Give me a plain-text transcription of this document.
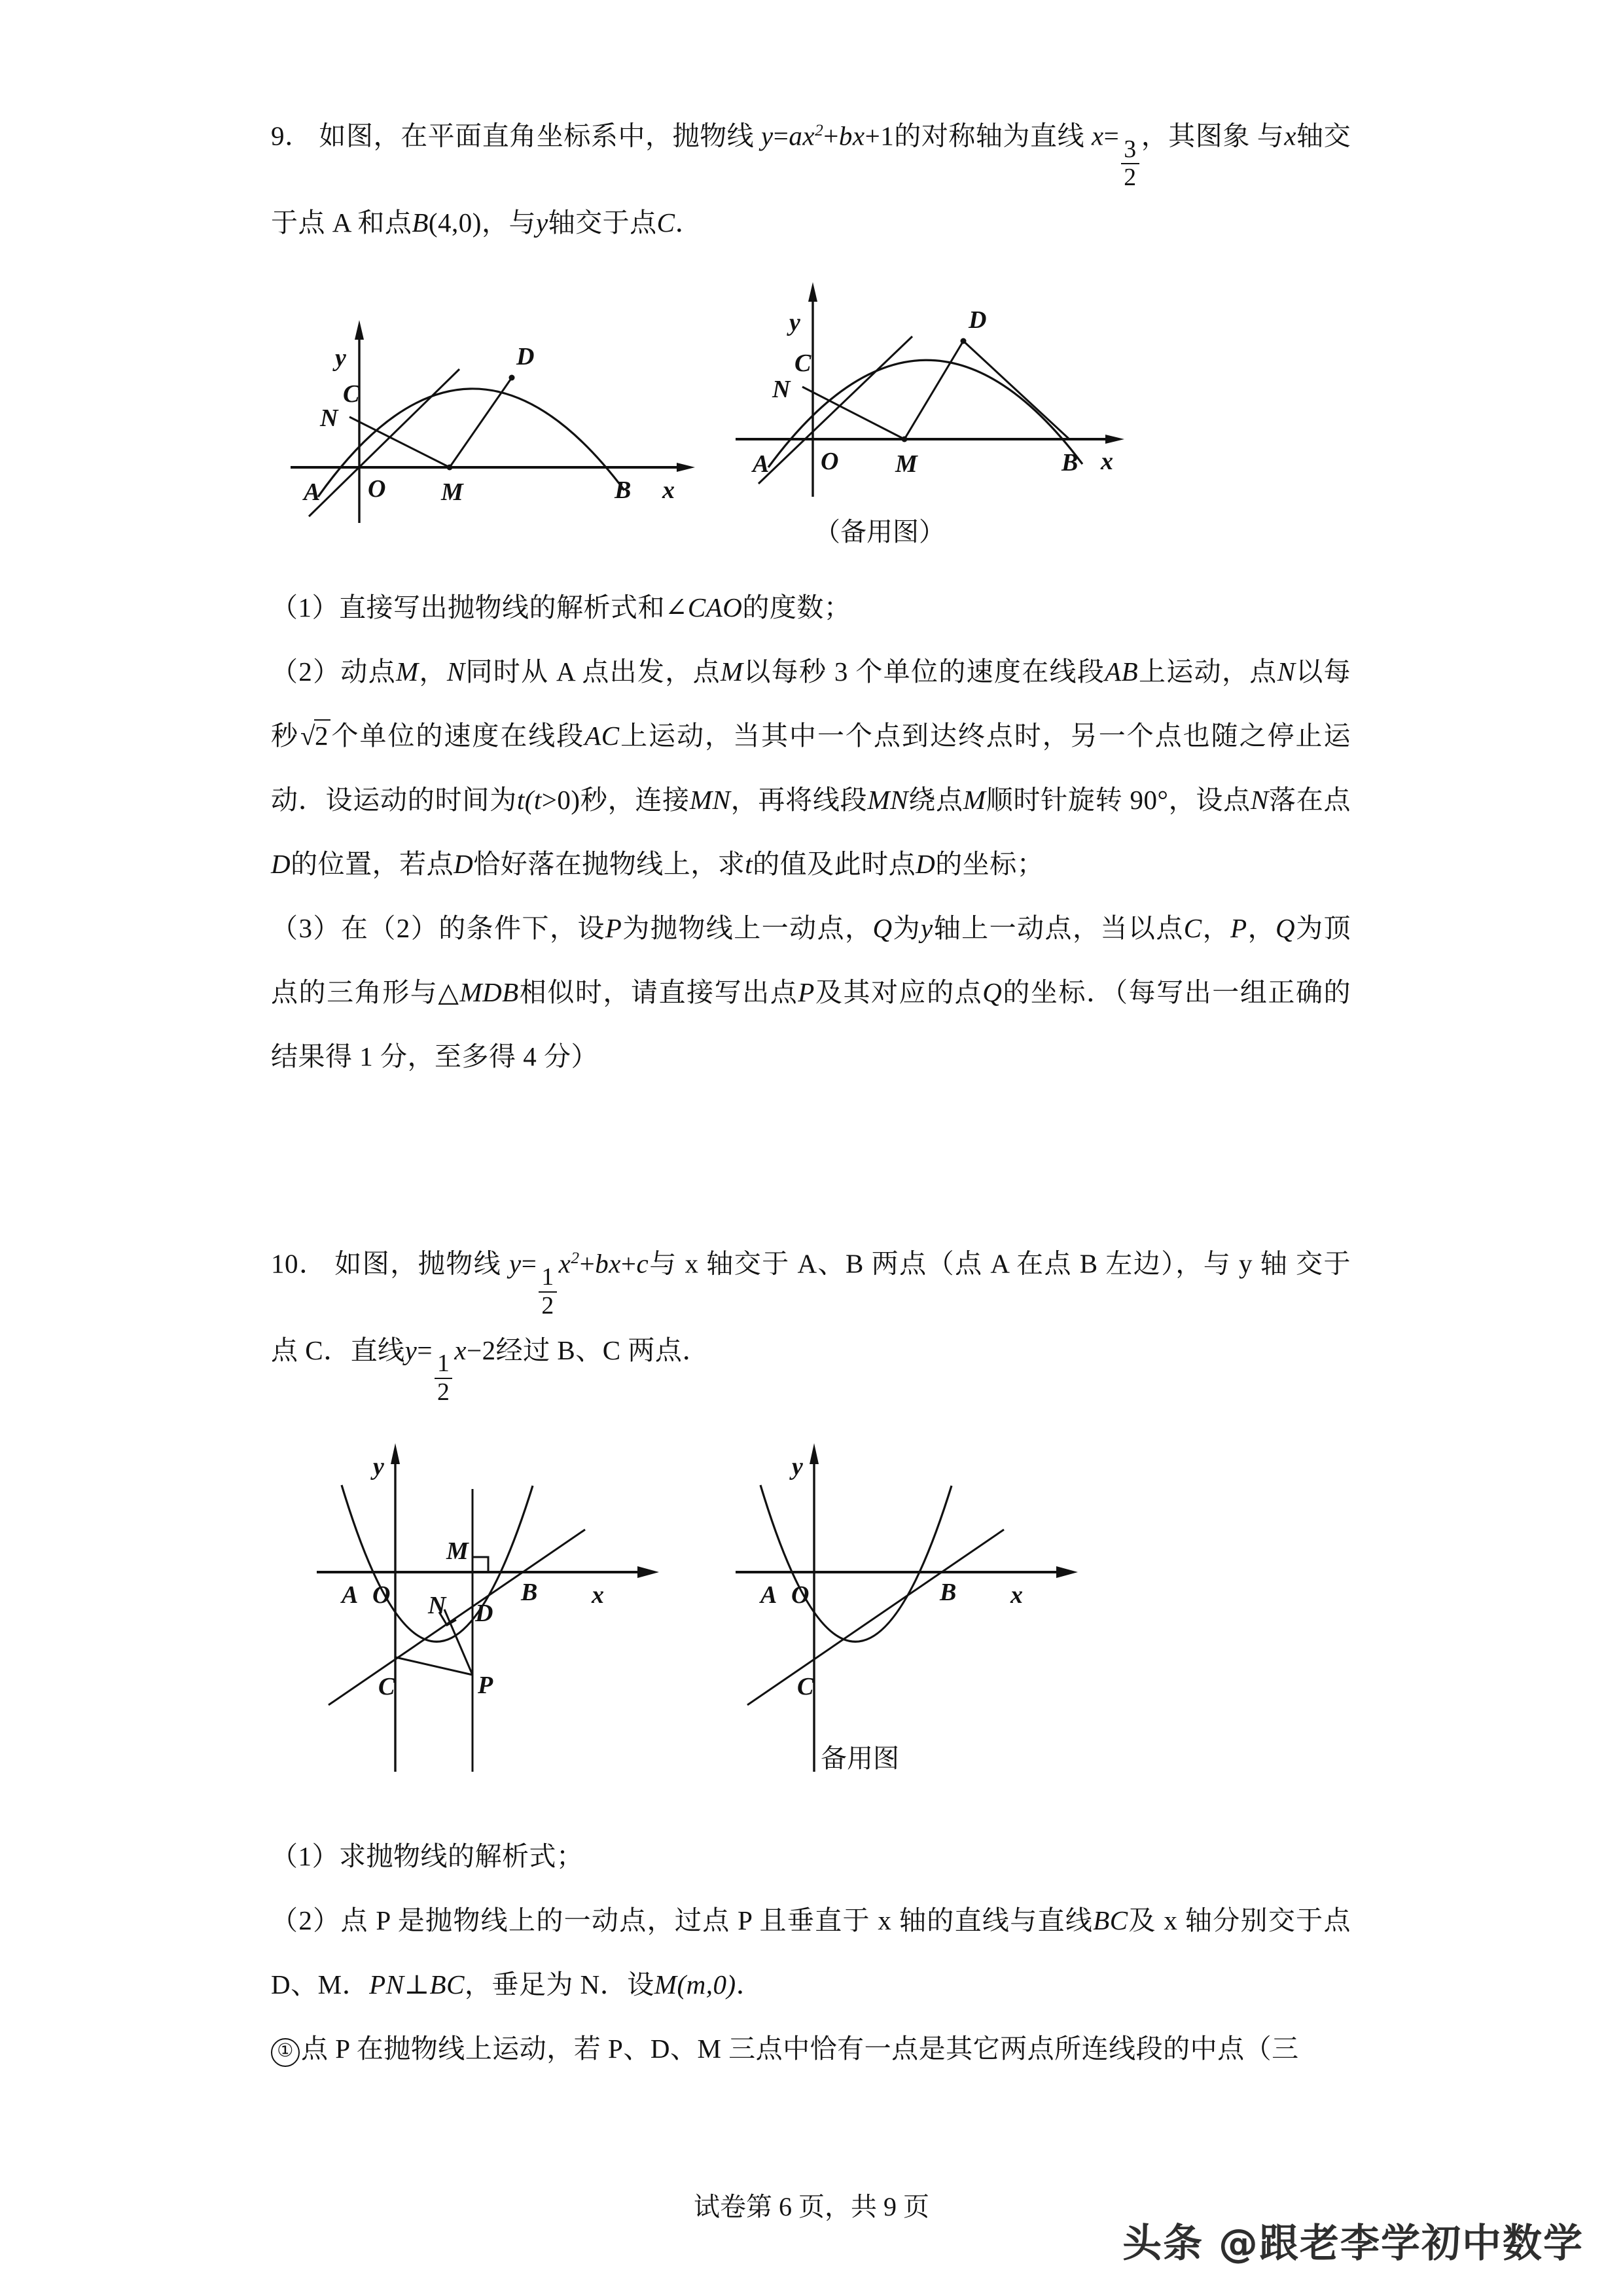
9． 如图，在平面直角坐标系中，抛物线 $y=ax^2+bx+1$的对称轴为直线 x=
$\frac{3}{2}$
，其图象 与x轴交于点 A 和点B(4,0)，与y轴交于点C．
y	D
C
N
A O M	B x
y	D
C
N
A O M	B x
（备用图）
（1）直接写出抛物线的解析式和∠CAO的度数；
（2）动点M，N同时从 A 点出发，点M以每秒 3 个单位的速度在线段AB上运动，点N以每秒√2个单位的速度在线段AC上运动，当其中一个点到达终点时，另一个点也随之停止运动．设运动的时间为t(t>0)秒，连接MN，再将线段MN绕点M顺时针旋转 90°，设点N落在点D的位置，若点D恰好落在抛物线上，求t的值及此时点D的坐标；
（3）在（2）的条件下，设P为抛物线上一动点，Q为y轴上一动点，当以点C，P，Q为顶点的三角形与△MDB相似时，请直接写出点P及其对应的点Q的坐标．（每写出一组正确的结果得 1 分，至多得 4 分）
10． 如图，抛物线 y=
$\frac{1}{2}$
$x^2+bx+c$与 x 轴交于 A、B 两点（点 A 在点 B 左边），与 y 轴 交于点 C．直线y=
$\frac{1}{2}$
x−2经过 B、C 两点．
y
M
A O N D
B x
C	P
y
A O	B x
C
备用图
（1）求抛物线的解析式；
（2）点 P 是抛物线上的一动点，过点 P 且垂直于 x 轴的直线与直线BC及 x 轴分别交于点 D、M．PN⊥BC，垂足为 N．设M(m,0)．
① 点 P 在抛物线上运动，若 P、D、M 三点中恰有一点是其它两点所连线段的中点（三
试卷第 6 页，共 9 页
头条 @跟老李学初中数学
